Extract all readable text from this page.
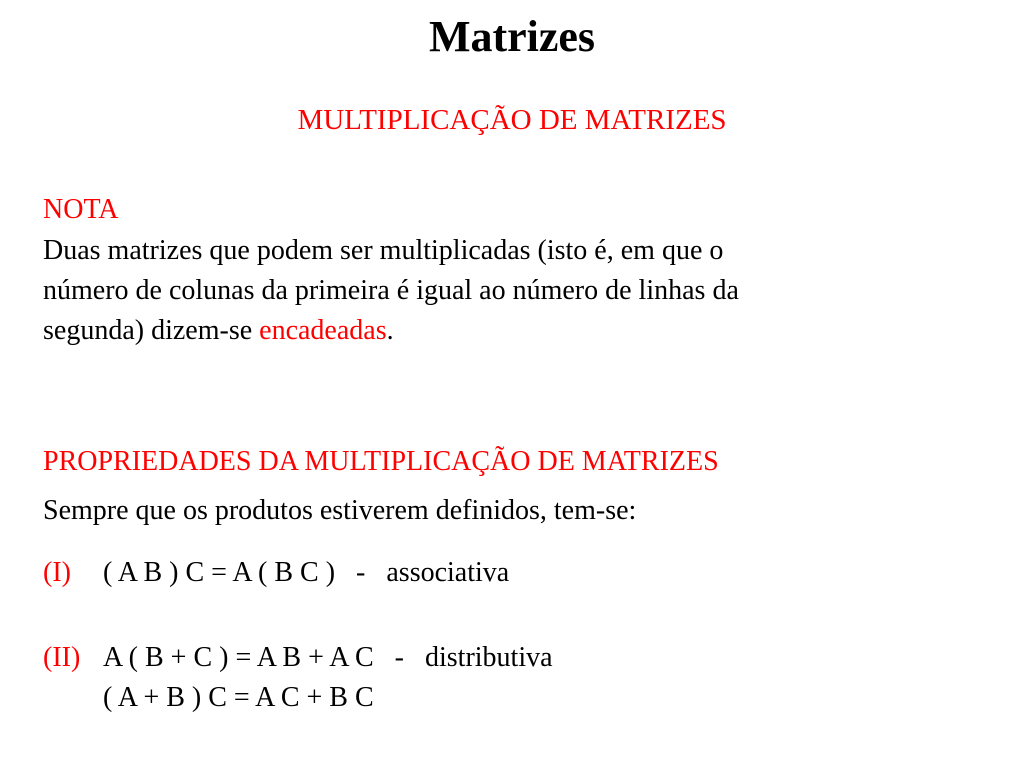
Matrizes
MULTIPLICAÇÃO DE MATRIZES
NOTA
Duas matrizes que podem ser multiplicadas (isto é, em que o
número de colunas da primeira é igual ao número de linhas da
segunda) dizem-se encadeadas.
PROPRIEDADES DA MULTIPLICAÇÃO DE MATRIZES
Sempre que os produtos estiverem definidos, tem-se:
(I) ( A B ) C = A ( B C )   -   associativa
(II) A ( B + C ) = A B + A C   -   distributiva
( A + B ) C = A C + B C
